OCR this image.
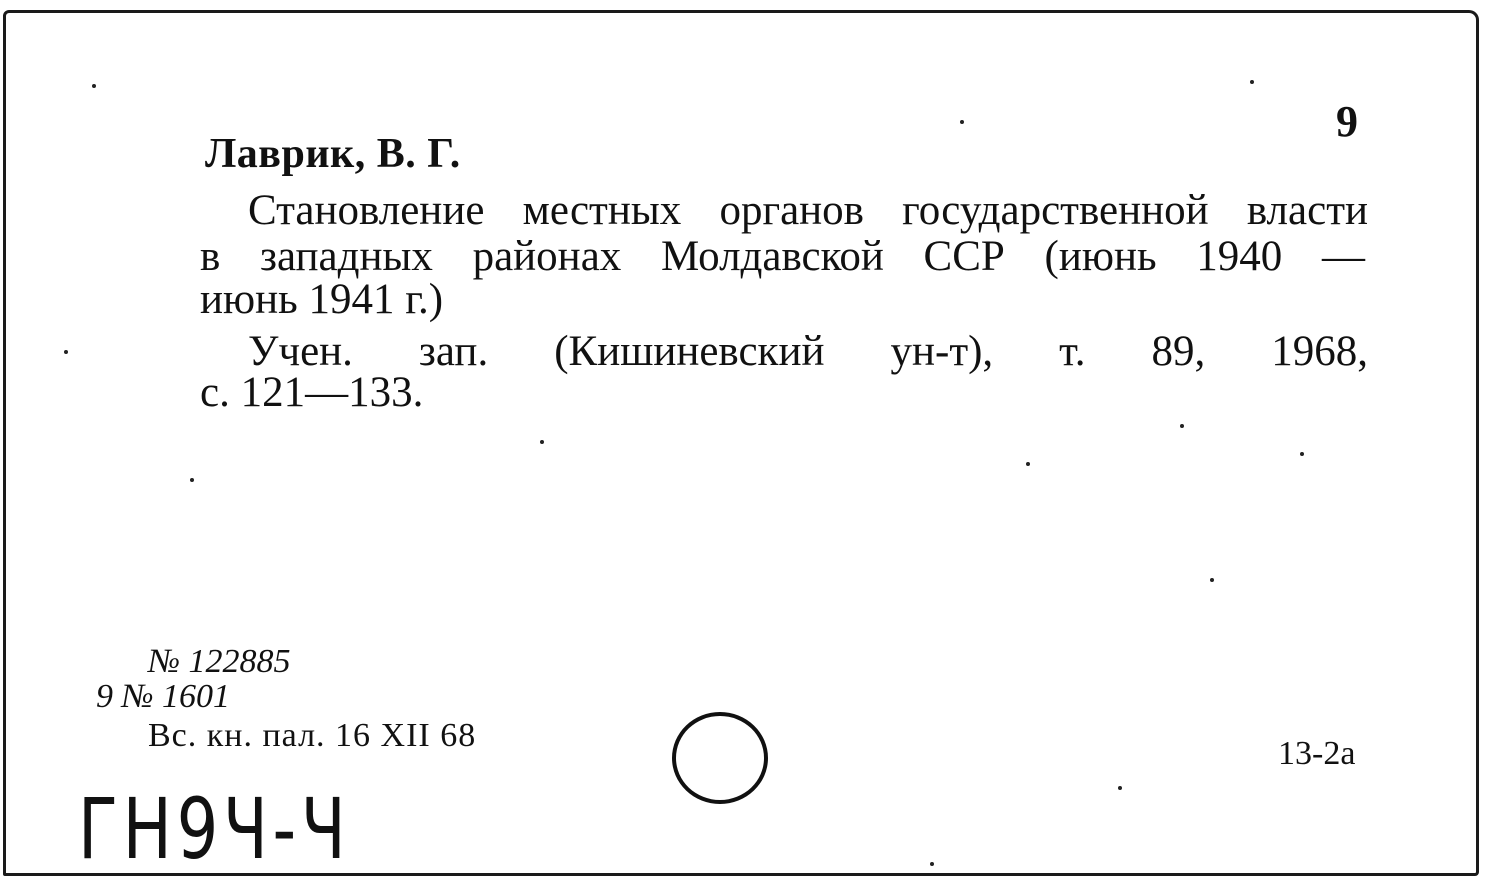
9
Лаврик, В. Г.
Становление местных органов государственной власти
в западных районах Молдавской ССР (июнь 1940 —
июнь 1941 г.)
Учен. зап. (Кишиневский ун-т), т. 89, 1968,
с. 121—133.
№ 122885
9 № 1601
Вс. кн. пал. 16 XII 68	13-2а
ГН9Ч-Ч
